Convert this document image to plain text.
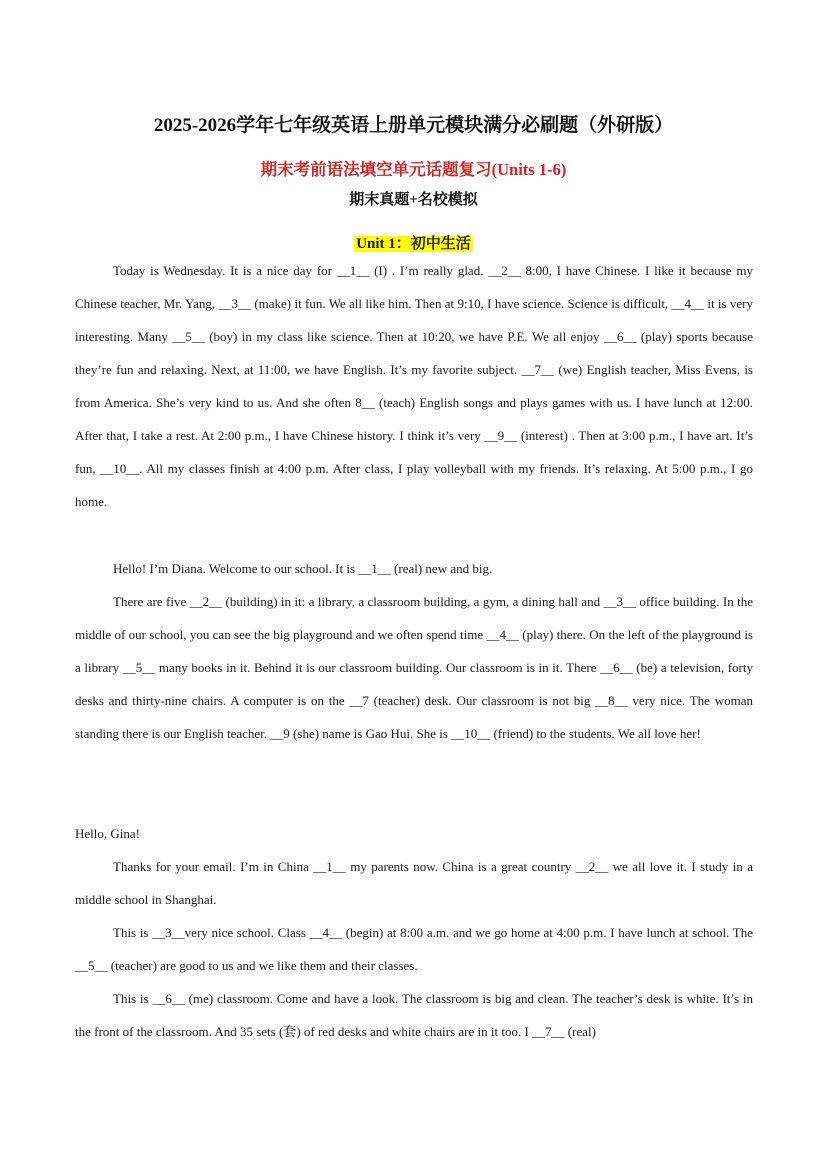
2025-2026学年七年级英语上册单元模块满分必刷题（外研版）
期末考前语法填空单元话题复习(Units 1-6)
期末真题+名校模拟
Unit 1：初中生活

Today is Wednesday. It is a nice day for __1__ (I) . I’m really glad. __2__ 8:00, I have Chinese. I like it because my Chinese teacher, Mr. Yang, __3__ (make) it fun. We all like him. Then at 9:10, I have science. Science is difficult, __4__ it is very interesting. Many __5__ (boy) in my class like science. Then at 10:20, we have P.E. We all enjoy __6__ (play) sports because they’re fun and relaxing. Next, at 11:00, we have English. It’s my favorite subject. __7__ (we) English teacher, Miss Evens, is from America. She’s very kind to us. And she often 8__ (teach) English songs and plays games with us. I have lunch at 12:00. After that, I take a rest. At 2:00 p.m., I have Chinese history. I think it’s very __9__ (interest) . Then at 3:00 p.m., I have art. It’s fun, __10__. All my classes finish at 4:00 p.m. After class, I play volleyball with my friends. It’s relaxing. At 5:00 p.m., I go home.

Hello! I’m Diana. Welcome to our school. It is __1__ (real) new and big.

There are five __2__ (building) in it: a library, a classroom building, a gym, a dining hall and __3__ office building. In the middle of our school, you can see the big playground and we often spend time __4__ (play) there. On the left of the playground is a library __5__ many books in it. Behind it is our classroom building. Our classroom is in it. There __6__ (be) a television, forty desks and thirty-nine chairs. A computer is on the __7 (teacher) desk. Our classroom is not big __8__ very nice. The woman standing there is our English teacher. __9 (she) name is Gao Hui. She is __10__ (friend) to the students. We all love her!

Hello, Gina!

Thanks for your email. I’m in China __1__ my parents now. China is a great country __2__ we all love it. I study in a middle school in Shanghai.

This is __3__very nice school. Class __4__ (begin) at 8:00 a.m. and we go home at 4:00 p.m. I have lunch at school. The __5__ (teacher) are good to us and we like them and their classes.

This is __6__ (me) classroom. Come and have a look. The classroom is big and clean. The teacher’s desk is white. It’s in the front of the classroom. And 35 sets (套) of red desks and white chairs are in it too. I __7__ (real)
